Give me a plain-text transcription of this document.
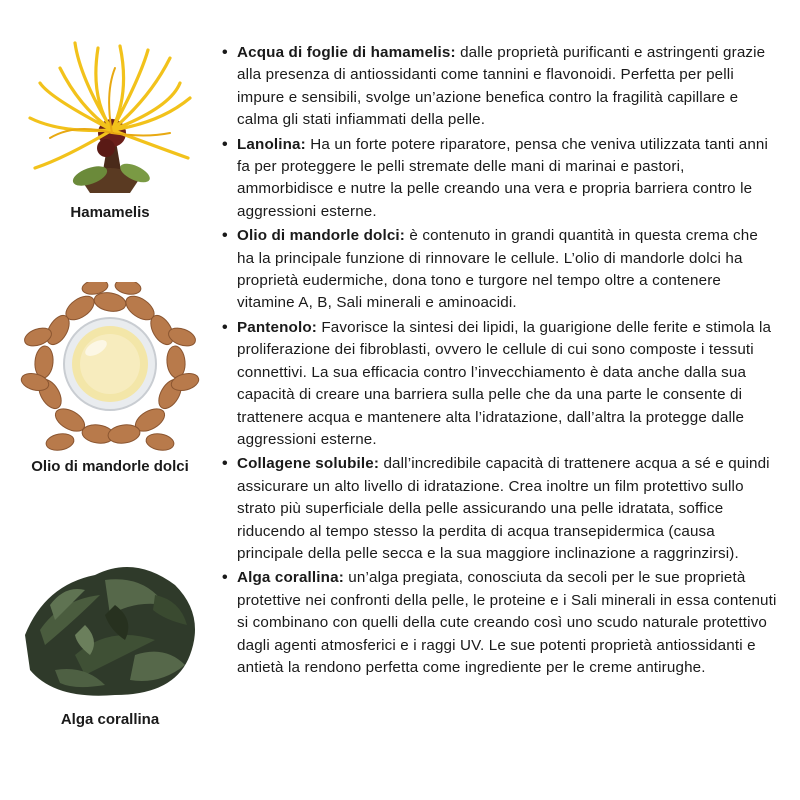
Hamamelis
Olio di mandorle dolci
Alga corallina
• Acqua di foglie di hamamelis: dalle proprietà purificanti e astringenti grazie alla presenza di antiossidanti come tannini e flavonoidi. Perfetta per pelli impure e sensibili, svolge un’azione benefica contro la fragilità capillare e calma gli stati infiammati della pelle.
• Lanolina: Ha un forte potere riparatore, pensa che veniva utilizzata tanti anni fa per proteggere le pelli stremate delle mani di marinai e pastori, ammorbidisce e nutre la pelle creando una vera e propria barriera contro le aggressioni esterne.
• Olio di mandorle dolci: è contenuto in grandi quantità in questa crema che ha la principale funzione di rinnovare le cellule. L’olio di mandorle dolci ha proprietà eudermiche, dona tono e turgore nel tempo oltre a contenere vitamine A, B, Sali minerali e aminoacidi.
• Pantenolo: Favorisce la sintesi dei lipidi, la guarigione delle ferite e stimola la proliferazione dei fibroblasti, ovvero le cellule di cui sono composte i tessuti connettivi. La sua efficacia contro l’invecchiamento è data anche dalla sua capacità di creare una barriera sulla pelle che da una parte le consente di trattenere acqua e mantenere alta l’idratazione, dall’altra la protegge dalle aggressioni esterne.
• Collagene solubile: dall’incredibile capacità di trattenere acqua a sé e quindi assicurare un alto livello di idratazione. Crea inoltre un film protettivo sullo strato più superficiale della pelle assicurando una pelle idratata, soffice riducendo al tempo stesso la perdita di acqua transepidermica (causa principale della pelle secca e la sua maggiore inclinazione a raggrinzirsi).
• Alga corallina: un’alga pregiata, conosciuta da secoli per le sue proprietà protettive nei confronti della pelle, le proteine e i Sali minerali in essa contenuti si combinano con quelli della cute creando così uno scudo naturale protettivo dagli agenti atmosferici e i raggi UV. Le sue potenti proprietà antiossidanti e antietà la rendono perfetta come ingrediente per le creme antirughe.
